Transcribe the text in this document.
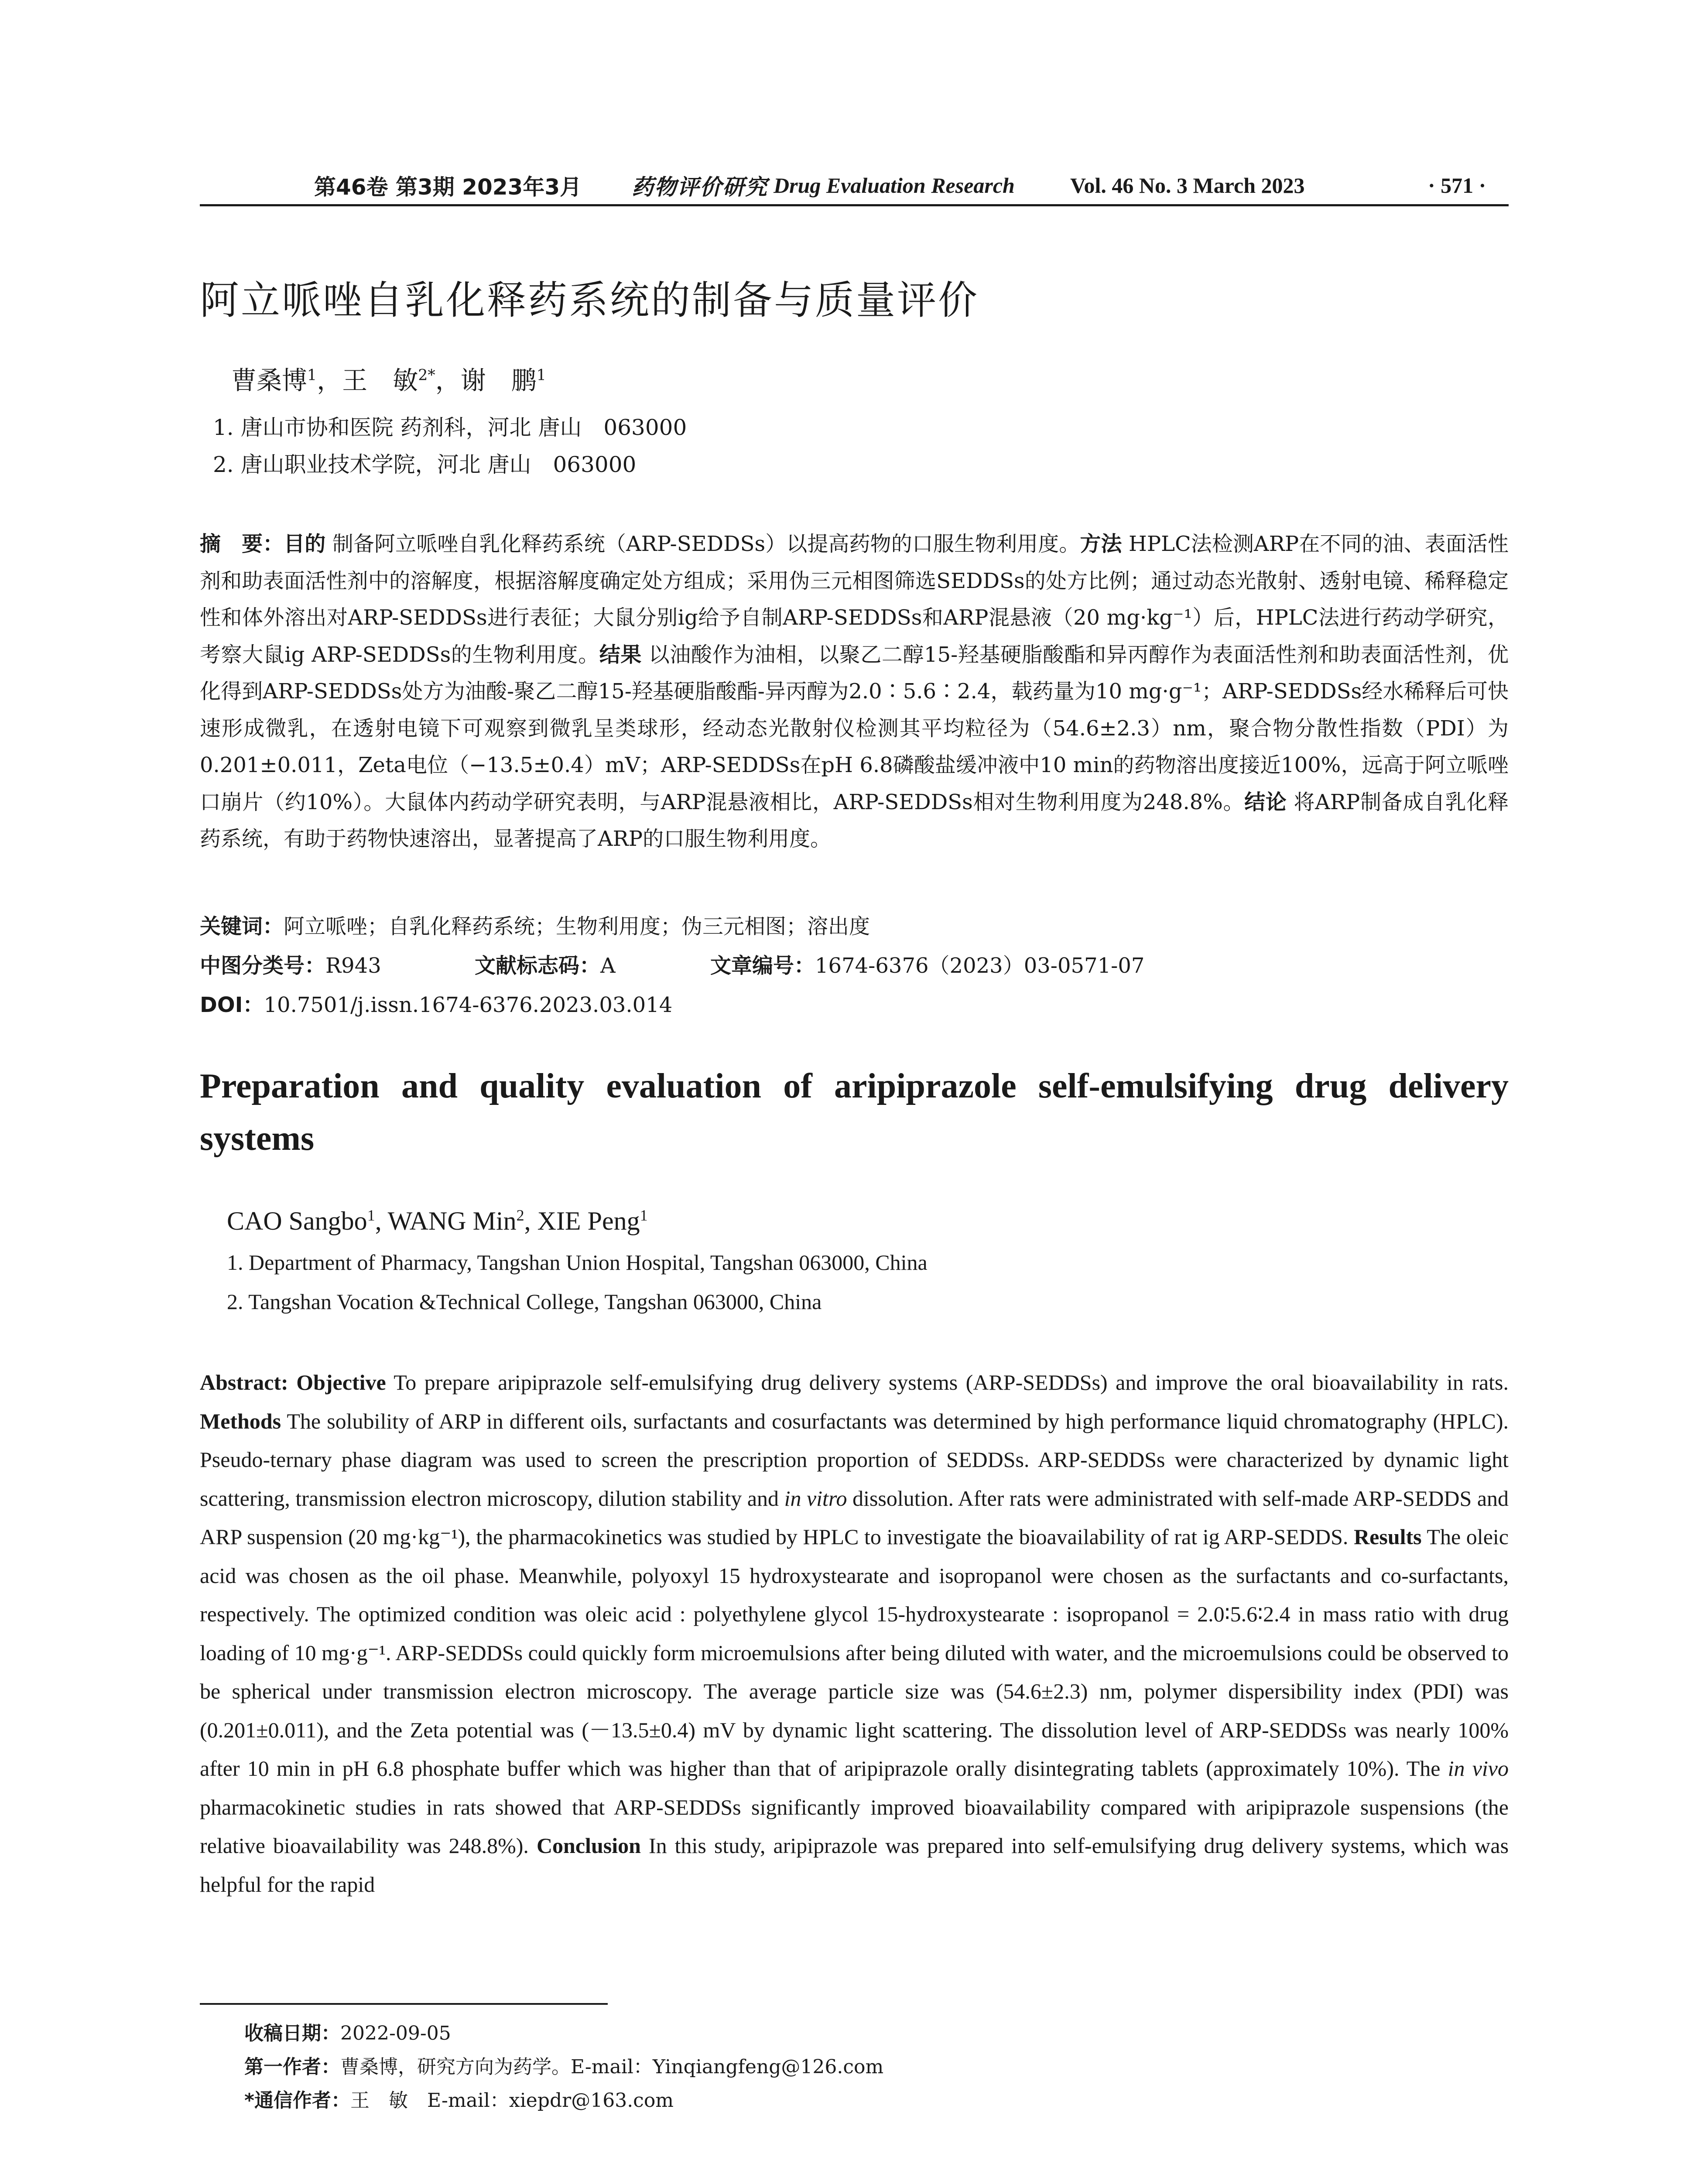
第46卷 第3期 2023年3月 药物评价研究 Drug Evaluation Research	Vol. 46 No. 3 March 2023	· 571 ·
阿立哌唑自乳化释药系统的制备与质量评价
曹桑博$^1$，王　敏$^{2*}$，谢　鹏$^1$
1. 唐山市协和医院 药剂科，河北 唐山　063000
2. 唐山职业技术学院，河北 唐山　063000
摘　要：目的 制备阿立哌唑自乳化释药系统（ARP-SEDDSs）以提高药物的口服生物利用度。方法 HPLC法检测ARP在不同的油、表面活性剂和助表面活性剂中的溶解度，根据溶解度确定处方组成；采用伪三元相图筛选SEDDSs的处方比例；通过动态光散射、透射电镜、稀释稳定性和体外溶出对ARP-SEDDSs进行表征；大鼠分别ig给予自制ARP-SEDDSs和ARP混悬液（20 mg·kg⁻¹）后，HPLC法进行药动学研究，考察大鼠ig ARP-SEDDSs的生物利用度。结果 以油酸作为油相，以聚乙二醇15-羟基硬脂酸酯和异丙醇作为表面活性剂和助表面活性剂，优化得到ARP-SEDDSs处方为油酸-聚乙二醇15-羟基硬脂酸酯-异丙醇为2.0∶5.6∶2.4，载药量为10 mg·g⁻¹；ARP-SEDDSs经水稀释后可快速形成微乳，在透射电镜下可观察到微乳呈类球形，经动态光散射仪检测其平均粒径为（54.6±2.3）nm，聚合物分散性指数（PDI）为0.201±0.011，Zeta电位（−13.5±0.4）mV；ARP-SEDDSs在pH 6.8磷酸盐缓冲液中10 min的药物溶出度接近100%，远高于阿立哌唑口崩片（约10%）。大鼠体内药动学研究表明，与ARP混悬液相比，ARP-SEDDSs相对生物利用度为248.8%。结论 将ARP制备成自乳化释药系统，有助于药物快速溶出，显著提高了ARP的口服生物利用度。
关键词：阿立哌唑；自乳化释药系统；生物利用度；伪三元相图；溶出度
中图分类号：R943	文献标志码：A	文章编号：1674-6376（2023）03-0571-07
DOI：10.7501/j.issn.1674-6376.2023.03.014
Preparation and quality evaluation of aripiprazole self-emulsifying drug delivery systems
CAO Sangbo$^1$, WANG Min$^2$, XIE Peng$^1$
1. Department of Pharmacy, Tangshan Union Hospital, Tangshan 063000, China
2. Tangshan Vocation &Technical College, Tangshan 063000, China
Abstract: Objective To prepare aripiprazole self-emulsifying drug delivery systems (ARP-SEDDSs) and improve the oral bioavailability in rats. Methods The solubility of ARP in different oils, surfactants and cosurfactants was determined by high performance liquid chromatography (HPLC). Pseudo-ternary phase diagram was used to screen the prescription proportion of SEDDSs. ARP-SEDDSs were characterized by dynamic light scattering, transmission electron microscopy, dilution stability and in vitro dissolution. After rats were administrated with self-made ARP-SEDDS and ARP suspension (20 mg·kg⁻¹), the pharmacokinetics was studied by HPLC to investigate the bioavailability of rat ig ARP-SEDDS. Results The oleic acid was chosen as the oil phase. Meanwhile, polyoxyl 15 hydroxystearate and isopropanol were chosen as the surfactants and co-surfactants, respectively. The optimized condition was oleic acid : polyethylene glycol 15-hydroxystearate : isopropanol = 2.0∶5.6∶2.4 in mass ratio with drug loading of 10 mg·g⁻¹. ARP-SEDDSs could quickly form microemulsions after being diluted with water, and the microemulsions could be observed to be spherical under transmission electron microscopy. The average particle size was (54.6±2.3) nm, polymer dispersibility index (PDI) was (0.201±0.011), and the Zeta potential was (－13.5±0.4) mV by dynamic light scattering. The dissolution level of ARP-SEDDSs was nearly 100% after 10 min in pH 6.8 phosphate buffer which was higher than that of aripiprazole orally disintegrating tablets (approximately 10%). The in vivo pharmacokinetic studies in rats showed that ARP-SEDDSs significantly improved bioavailability compared with aripiprazole suspensions (the relative bioavailability was 248.8%). Conclusion In this study, aripiprazole was prepared into self-emulsifying drug delivery systems, which was helpful for the rapid
收稿日期：2022-09-05
第一作者：曹桑博，研究方向为药学。E-mail：Yinqiangfeng@126.com
*通信作者：王　敏　E-mail：xiepdr@163.com
